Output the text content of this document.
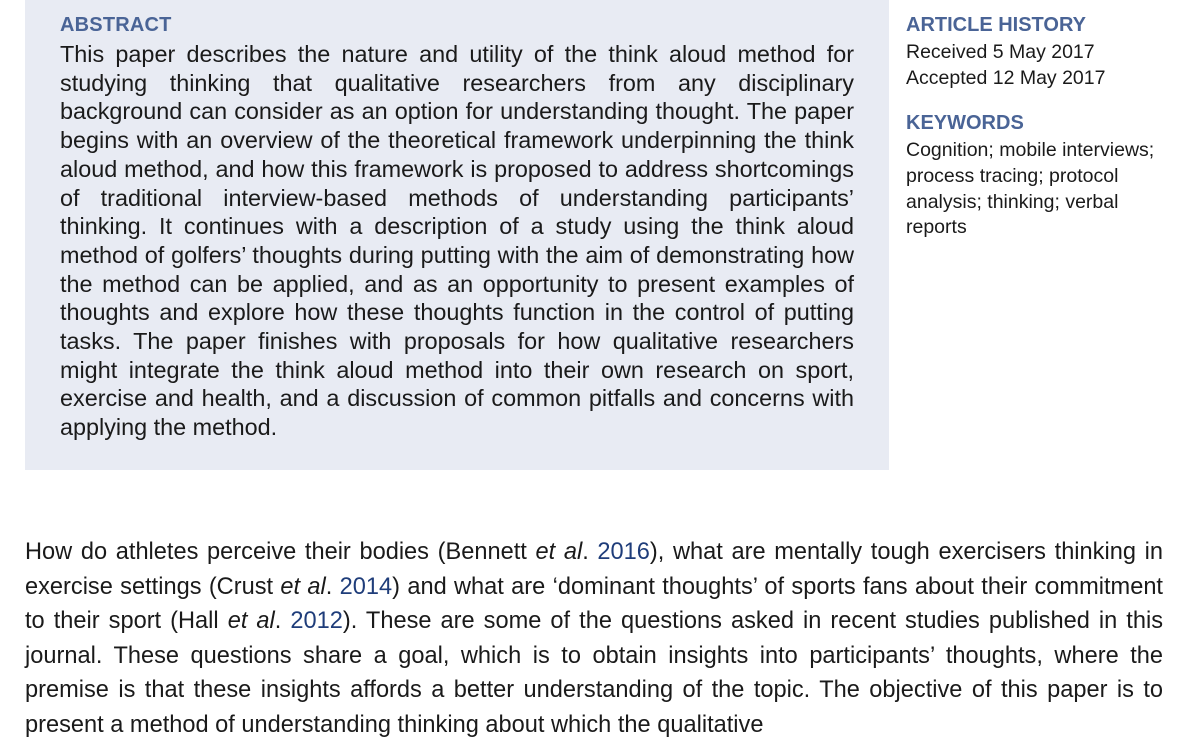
ABSTRACT

This paper describes the nature and utility of the think aloud method for studying thinking that qualitative researchers from any disciplinary background can consider as an option for understanding thought. The paper begins with an overview of the theoretical framework underpinning the think aloud method, and how this framework is proposed to address shortcomings of traditional interview-based methods of understanding participants’ thinking. It continues with a description of a study using the think aloud method of golfers’ thoughts during putting with the aim of demonstrating how the method can be applied, and as an opportunity to present examples of thoughts and explore how these thoughts function in the control of putting tasks. The paper finishes with proposals for how qualitative researchers might integrate the think aloud method into their own research on sport, exercise and health, and a discussion of common pitfalls and concerns with applying the method.

ARTICLE HISTORY
Received 5 May 2017
Accepted 12 May 2017
KEYWORDS

Cognition; mobile interviews; process tracing; protocol analysis; thinking; verbal reports

How do athletes perceive their bodies (Bennett et al. 2016), what are mentally tough exercisers thinking in exercise settings (Crust et al. 2014) and what are ‘dominant thoughts’ of sports fans about their commitment to their sport (Hall et al. 2012). These are some of the questions asked in recent studies published in this journal. These questions share a goal, which is to obtain insights into participants’ thoughts, where the premise is that these insights affords a better understanding of the topic. The objective of this paper is to present a method of understanding thinking about which the qualitative
